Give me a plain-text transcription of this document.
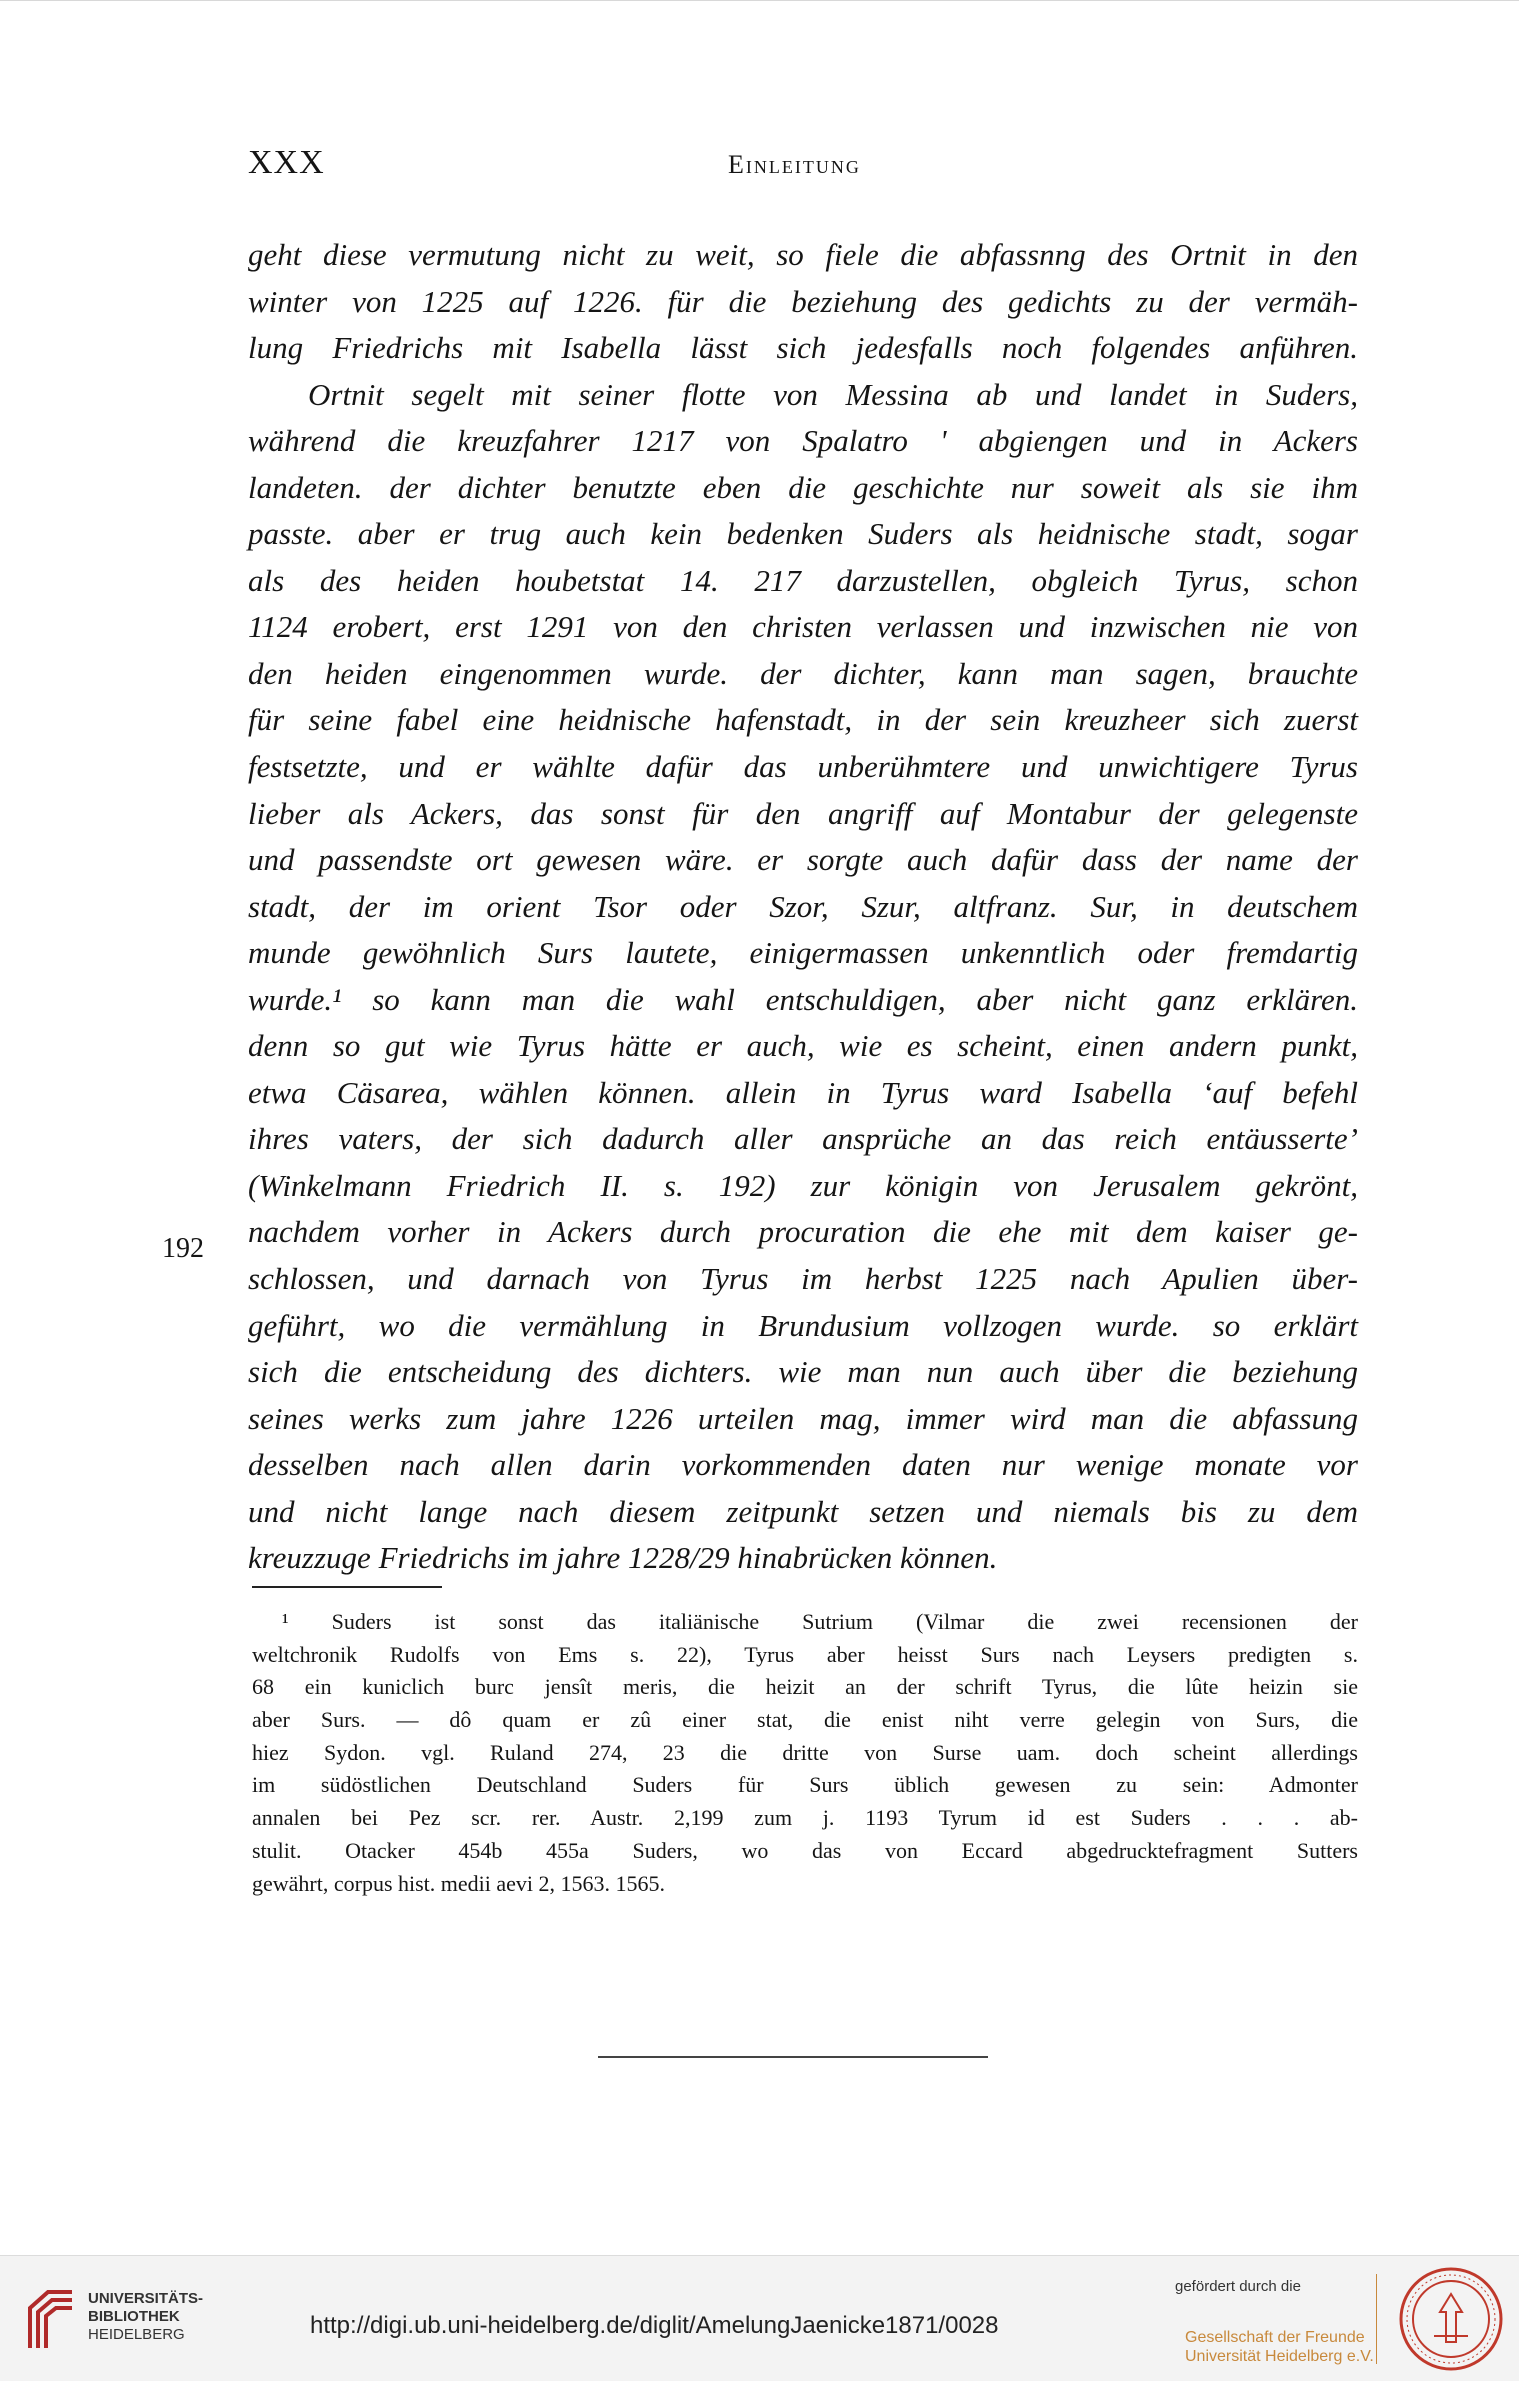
XXX	Einleitung
geht diese vermutung nicht zu weit, so fiele die abfassnng des Ortnit in den
winter von 1225 auf 1226. für die beziehung des gedichts zu der vermäh-
lung Friedrichs mit Isabella lässt sich jedesfalls noch folgendes anführen.
Ortnit segelt mit seiner flotte von Messina ab und landet in Suders,
während die kreuzfahrer 1217 von Spalatro ' abgiengen und in Ackers
landeten. der dichter benutzte eben die geschichte nur soweit als sie ihm
passte. aber er trug auch kein bedenken Suders als heidnische stadt, sogar
als des heiden houbetstat 14. 217 darzustellen, obgleich Tyrus, schon
1124 erobert, erst 1291 von den christen verlassen und inzwischen nie von
den heiden eingenommen wurde. der dichter, kann man sagen, brauchte
für seine fabel eine heidnische hafenstadt, in der sein kreuzheer sich zuerst
festsetzte, und er wählte dafür das unberühmtere und unwichtigere Tyrus
lieber als Ackers, das sonst für den angriff auf Montabur der gelegenste
und passendste ort gewesen wäre. er sorgte auch dafür dass der name der
stadt, der im orient Tsor oder Szor, Szur, altfranz. Sur, in deutschem
munde gewöhnlich Surs lautete, einigermassen unkenntlich oder fremdartig
wurde.¹ so kann man die wahl entschuldigen, aber nicht ganz erklären.
denn so gut wie Tyrus hätte er auch, wie es scheint, einen andern punkt,
etwa Cäsarea, wählen können. allein in Tyrus ward Isabella ‘auf befehl
ihres vaters, der sich dadurch aller ansprüche an das reich entäusserte’
(Winkelmann Friedrich II. s. 192) zur königin von Jerusalem gekrönt,
nachdem vorher in Ackers durch procuration die ehe mit dem kaiser ge-
schlossen, und darnach von Tyrus im herbst 1225 nach Apulien über-
geführt, wo die vermählung in Brundusium vollzogen wurde. so erklärt
sich die entscheidung des dichters. wie man nun auch über die beziehung
seines werks zum jahre 1226 urteilen mag, immer wird man die abfassung
desselben nach allen darin vorkommenden daten nur wenige monate vor
und nicht lange nach diesem zeitpunkt setzen und niemals bis zu dem
kreuzzuge Friedrichs im jahre 1228/29 hinabrücken können.
192
¹ Suders ist sonst das italiänische Sutrium (Vilmar die zwei recensionen der
weltchronik Rudolfs von Ems s. 22), Tyrus aber heisst Surs nach Leysers predigten s.
68 ein kuniclich burc jensît meris, die heizit an der schrift Tyrus, die lûte heizin sie
aber Surs. — dô quam er zû einer stat, die enist niht verre gelegin von Surs, die
hiez Sydon. vgl. Ruland 274, 23 die dritte von Surse uam. doch scheint allerdings
im südöstlichen Deutschland Suders für Surs üblich gewesen zu sein: Admonter
annalen bei Pez scr. rer. Austr. 2,199 zum j. 1193 Tyrum id est Suders . . . ab-
stulit. Otacker 454b 455a Suders, wo das von Eccard abgedrucktefragment Sutters
gewährt, corpus hist. medii aevi 2, 1563. 1565.
UNIVERSITÄTS-
BIBLIOTHEK
HEIDELBERG	http://digi.ub.uni-heidelberg.de/diglit/AmelungJaenicke1871/0028
gefördert durch die
Gesellschaft der Freunde
Universität Heidelberg e.V.
